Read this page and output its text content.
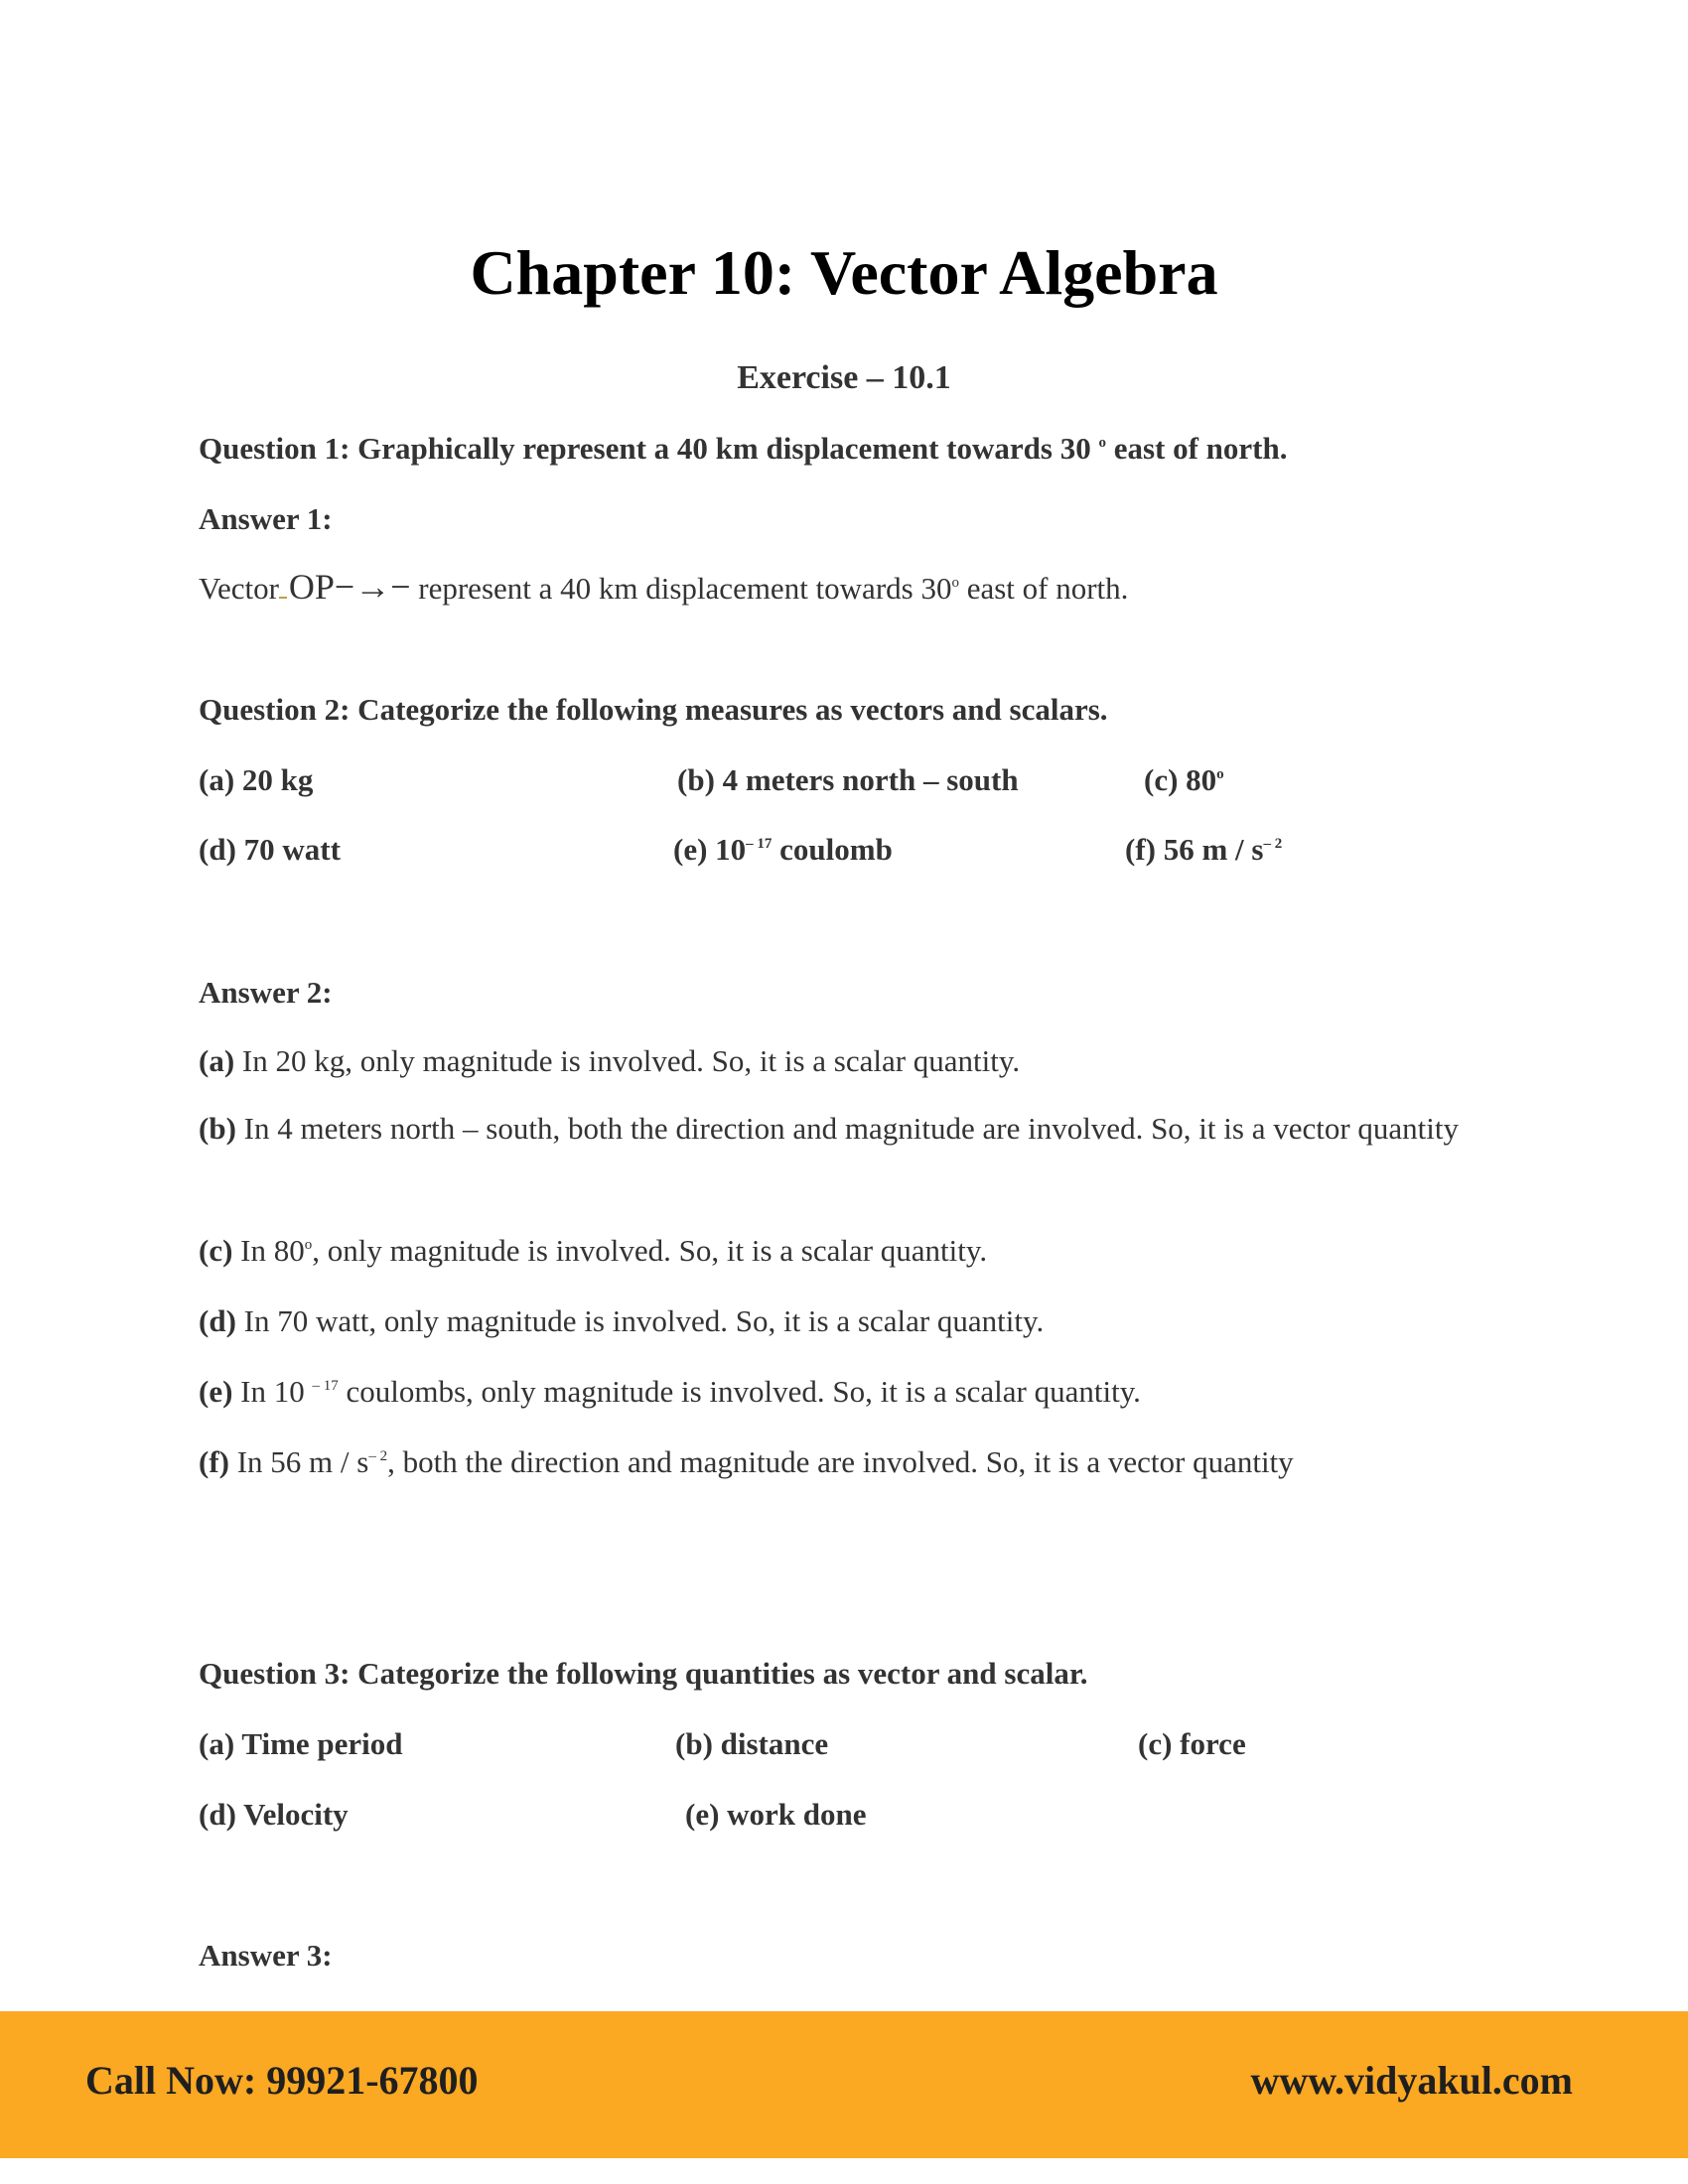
Chapter 10: Vector Algebra
Exercise – 10.1
Question 1: Graphically represent a 40 km displacement towards 30 $^o$ east of north.
Answer 1:
Vector OP−→− represent a 40 km displacement towards 30$^o$ east of north.
Question 2: Categorize the following measures as vectors and scalars.
(a) 20 kg	(b) 4 meters north – south	(c) 80$^o$
(d) 70 watt	(e) $10^{- 17}$ coulomb	(f) 56 m / $s^{- 2}$
Answer 2:
(a) In 20 kg, only magnitude is involved. So, it is a scalar quantity.
(b) In 4 meters north – south, both the direction and magnitude are involved. So, it is a vector quantity
(c) In 80$^o$, only magnitude is involved. So, it is a scalar quantity.
(d) In 70 watt, only magnitude is involved. So, it is a scalar quantity.
(e) In 10 $^{- 17}$ coulombs, only magnitude is involved. So, it is a scalar quantity.
(f) In 56 m / $s^{- 2}$, both the direction and magnitude are involved. So, it is a vector quantity
Question 3: Categorize the following quantities as vector and scalar.
(a) Time period	(b) distance	(c) force
(d) Velocity	(e) work done
Answer 3:
Call Now: 99921-67800	www.vidyakul.com
